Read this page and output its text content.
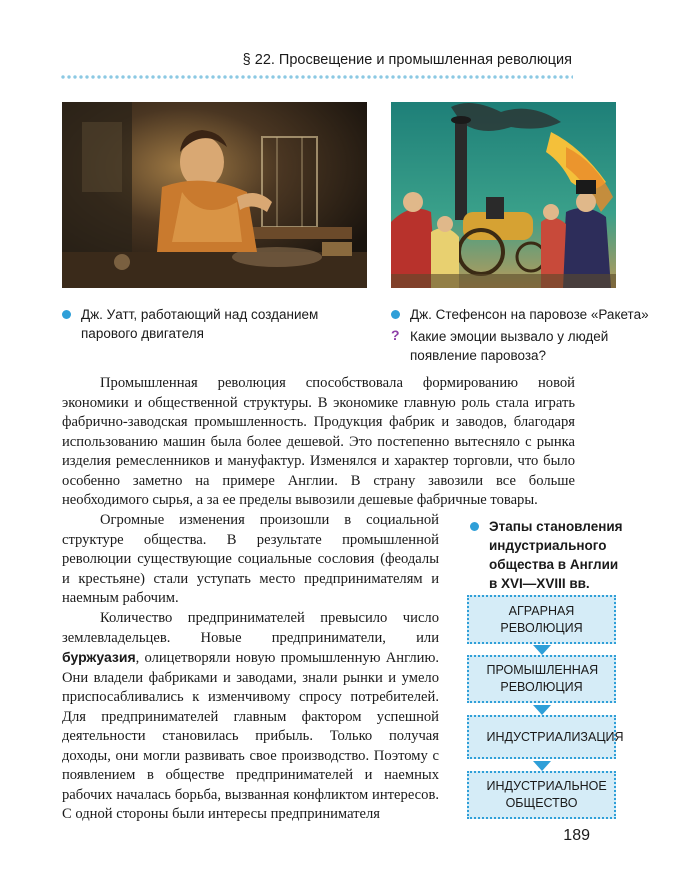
§ 22. Просвещение и промышленная революция
Дж. Уатт, работающий над созданием парового двигателя
Дж. Стефенсон на паровозе «Ракета»
? Какие эмоции вызвало у людей появление паровоза?

Промышленная революция способствовала формированию новой экономики и общественной структуры. В экономике главную роль стала играть фабрично-заводская промышленность. Продукция фабрик и заводов, благодаря использованию машин была более дешевой. Это постепенно вытесняло с рынка изделия ремесленников и мануфактур. Изменялся и характер торговли, что было особенно заметно на примере Англии. В страну завозили все больше необходимого сырья, а за ее пределы вывозили дешевые фабричные товары.

Огромные изменения произошли в социальной структуре общества. В результате промышленной революции существующие социальные сословия (феодалы и крестьяне) стали уступать место предпринимателям и наемным рабочим.

Количество предпринимателей превысило число землевладельцев. Новые предприниматели, или буржуазия, олицетворяли новую промышленную Англию. Они владели фабриками и заводами, знали рынки и умело приспосабливались к изменчивому спросу потребителей. Для предпринимателей главным фактором успешной деятельности становилась прибыль. Только получая доходы, они могли развивать свое производство. Поэтому с появлением в обществе предпринимателей и наемных рабочих началась борьба, вызванная конфликтом интересов. С одной стороны были интересы предпринимателя

Этапы становления индустриального общества в Англии в XVI—XVIII вв.
АГРАРНАЯ РЕВОЛЮЦИЯ
ПРОМЫШЛЕННАЯ РЕВОЛЮЦИЯ
ИНДУСТРИАЛИЗАЦИЯ
ИНДУСТРИАЛЬНОЕ ОБЩЕСТВО
189
